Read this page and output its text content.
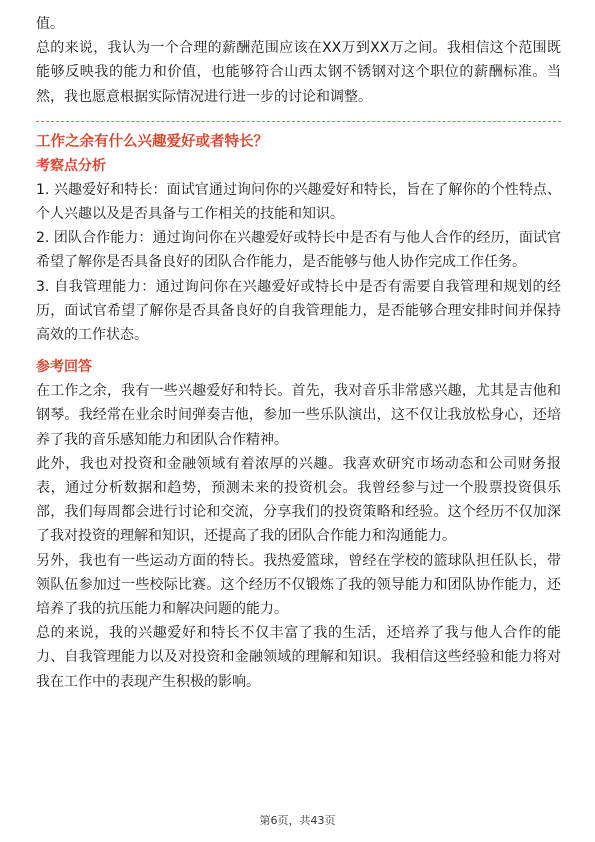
值。

总的来说，我认为一个合理的薪酬范围应该在XX万到XX万之间。我相信这个范围既能够反映我的能力和价值，也能够符合山西太钢不锈钢对这个职位的薪酬标准。当然，我也愿意根据实际情况进行进一步的讨论和调整。

工作之余有什么兴趣爱好或者特长？

考察点分析

1. 兴趣爱好和特长：面试官通过询问你的兴趣爱好和特长，旨在了解你的个性特点、个人兴趣以及是否具备与工作相关的技能和知识。

2. 团队合作能力：通过询问你在兴趣爱好或特长中是否有与他人合作的经历，面试官希望了解你是否具备良好的团队合作能力，是否能够与他人协作完成工作任务。

3. 自我管理能力：通过询问你在兴趣爱好或特长中是否有需要自我管理和规划的经历，面试官希望了解你是否具备良好的自我管理能力，是否能够合理安排时间并保持高效的工作状态。

参考回答

在工作之余，我有一些兴趣爱好和特长。首先，我对音乐非常感兴趣，尤其是吉他和钢琴。我经常在业余时间弹奏吉他，参加一些乐队演出，这不仅让我放松身心，还培养了我的音乐感知能力和团队合作精神。

此外，我也对投资和金融领域有着浓厚的兴趣。我喜欢研究市场动态和公司财务报表，通过分析数据和趋势，预测未来的投资机会。我曾经参与过一个股票投资俱乐部，我们每周都会进行讨论和交流，分享我们的投资策略和经验。这个经历不仅加深了我对投资的理解和知识，还提高了我的团队合作能力和沟通能力。

另外，我也有一些运动方面的特长。我热爱篮球，曾经在学校的篮球队担任队长，带领队伍参加过一些校际比赛。这个经历不仅锻炼了我的领导能力和团队协作能力，还培养了我的抗压能力和解决问题的能力。

总的来说，我的兴趣爱好和特长不仅丰富了我的生活，还培养了我与他人合作的能力、自我管理能力以及对投资和金融领域的理解和知识。我相信这些经验和能力将对我在工作中的表现产生积极的影响。

第6页，共43页
